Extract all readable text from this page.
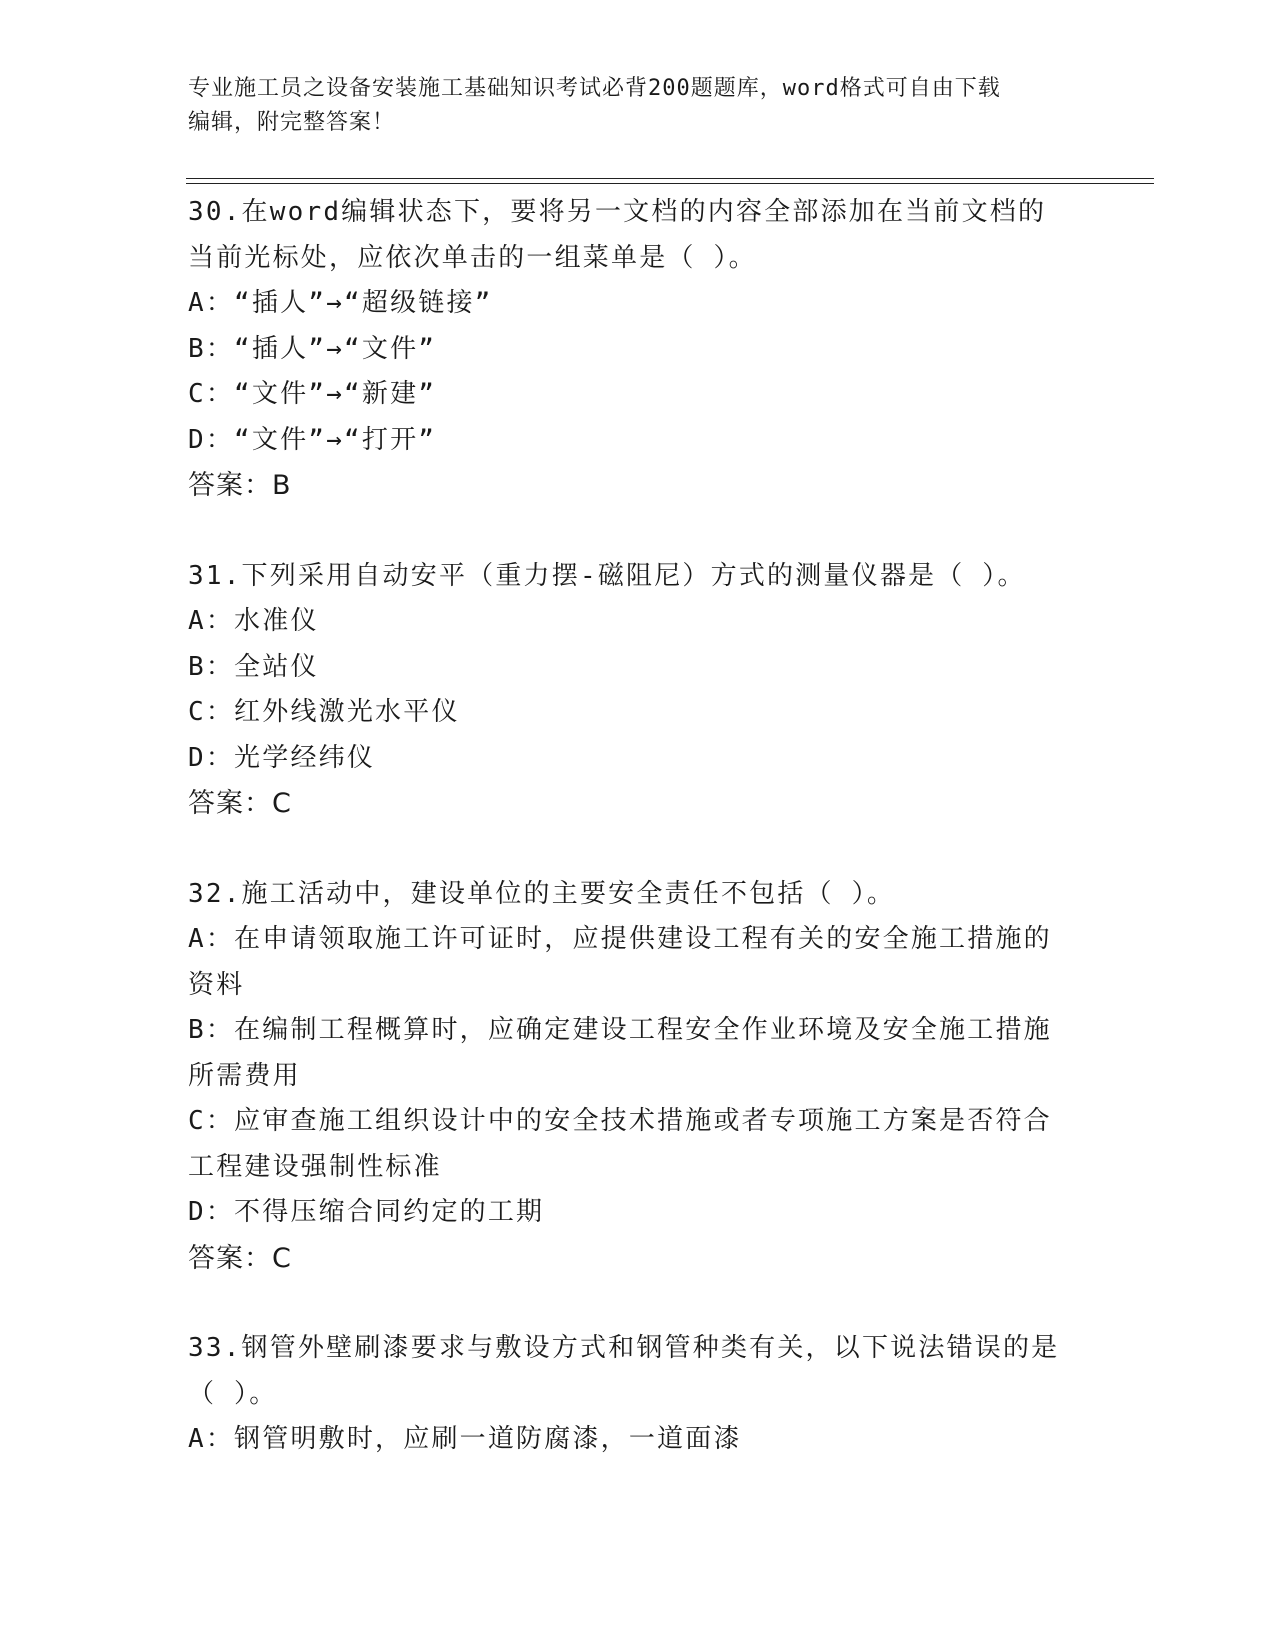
专业施工员之设备安装施工基础知识考试必背200题题库，word格式可自由下载
编辑，附完整答案！
30.在word编辑状态下，要将另一文档的内容全部添加在当前文档的
当前光标处，应依次单击的一组菜单是（ ）。
A：“插人”→“超级链接”
B：“插人”→“文件”
C：“文件”→“新建”
D：“文件”→“打开”
答案：B
31.下列采用自动安平（重力摆-磁阻尼）方式的测量仪器是（ ）。
A：水准仪
B：全站仪
C：红外线激光水平仪
D：光学经纬仪
答案：C
32.施工活动中，建设单位的主要安全责任不包括（ ）。
A：在申请领取施工许可证时，应提供建设工程有关的安全施工措施的
资料
B：在编制工程概算时，应确定建设工程安全作业环境及安全施工措施
所需费用
C：应审查施工组织设计中的安全技术措施或者专项施工方案是否符合
工程建设强制性标准
D：不得压缩合同约定的工期
答案：C
33.钢管外壁刷漆要求与敷设方式和钢管种类有关，以下说法错误的是
（ ）。
A：钢管明敷时，应刷一道防腐漆，一道面漆
